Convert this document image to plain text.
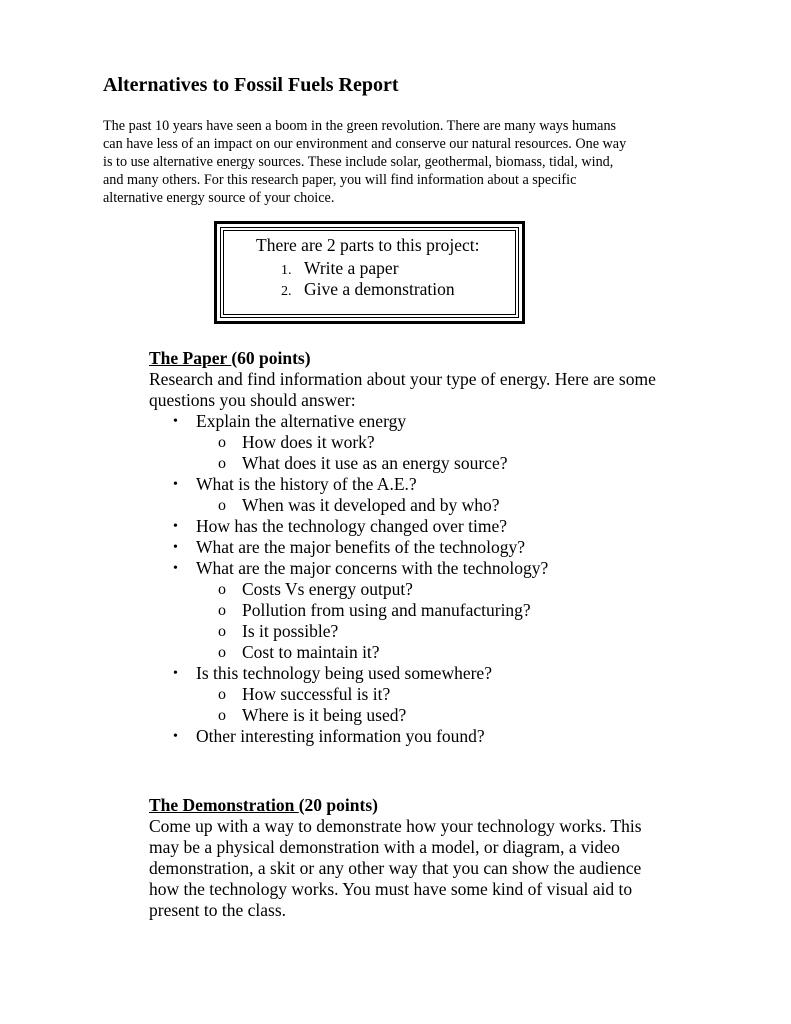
Alternatives to Fossil Fuels Report
The past 10 years have seen a boom in the green revolution. There are many ways humans
can have less of an impact on our environment and conserve our natural resources. One way
is to use alternative energy sources. These include solar, geothermal, biomass, tidal, wind,
and many others. For this research paper, you will find information about a specific
alternative energy source of your choice.
There are 2 parts to this project:
1. Write a paper
2. Give a demonstration
The Paper (60 points)
Research and find information about your type of energy. Here are some
questions you should answer:
• Explain the alternative energy
o How does it work?
o What does it use as an energy source?
• What is the history of the A.E.?
o When was it developed and by who?
• How has the technology changed over time?
• What are the major benefits of the technology?
• What are the major concerns with the technology?
o Costs Vs energy output?
o Pollution from using and manufacturing?
o Is it possible?
o Cost to maintain it?
• Is this technology being used somewhere?
o How successful is it?
o Where is it being used?
• Other interesting information you found?
The Demonstration (20 points)
Come up with a way to demonstrate how your technology works. This
may be a physical demonstration with a model, or diagram, a video
demonstration, a skit or any other way that you can show the audience
how the technology works. You must have some kind of visual aid to
present to the class.
